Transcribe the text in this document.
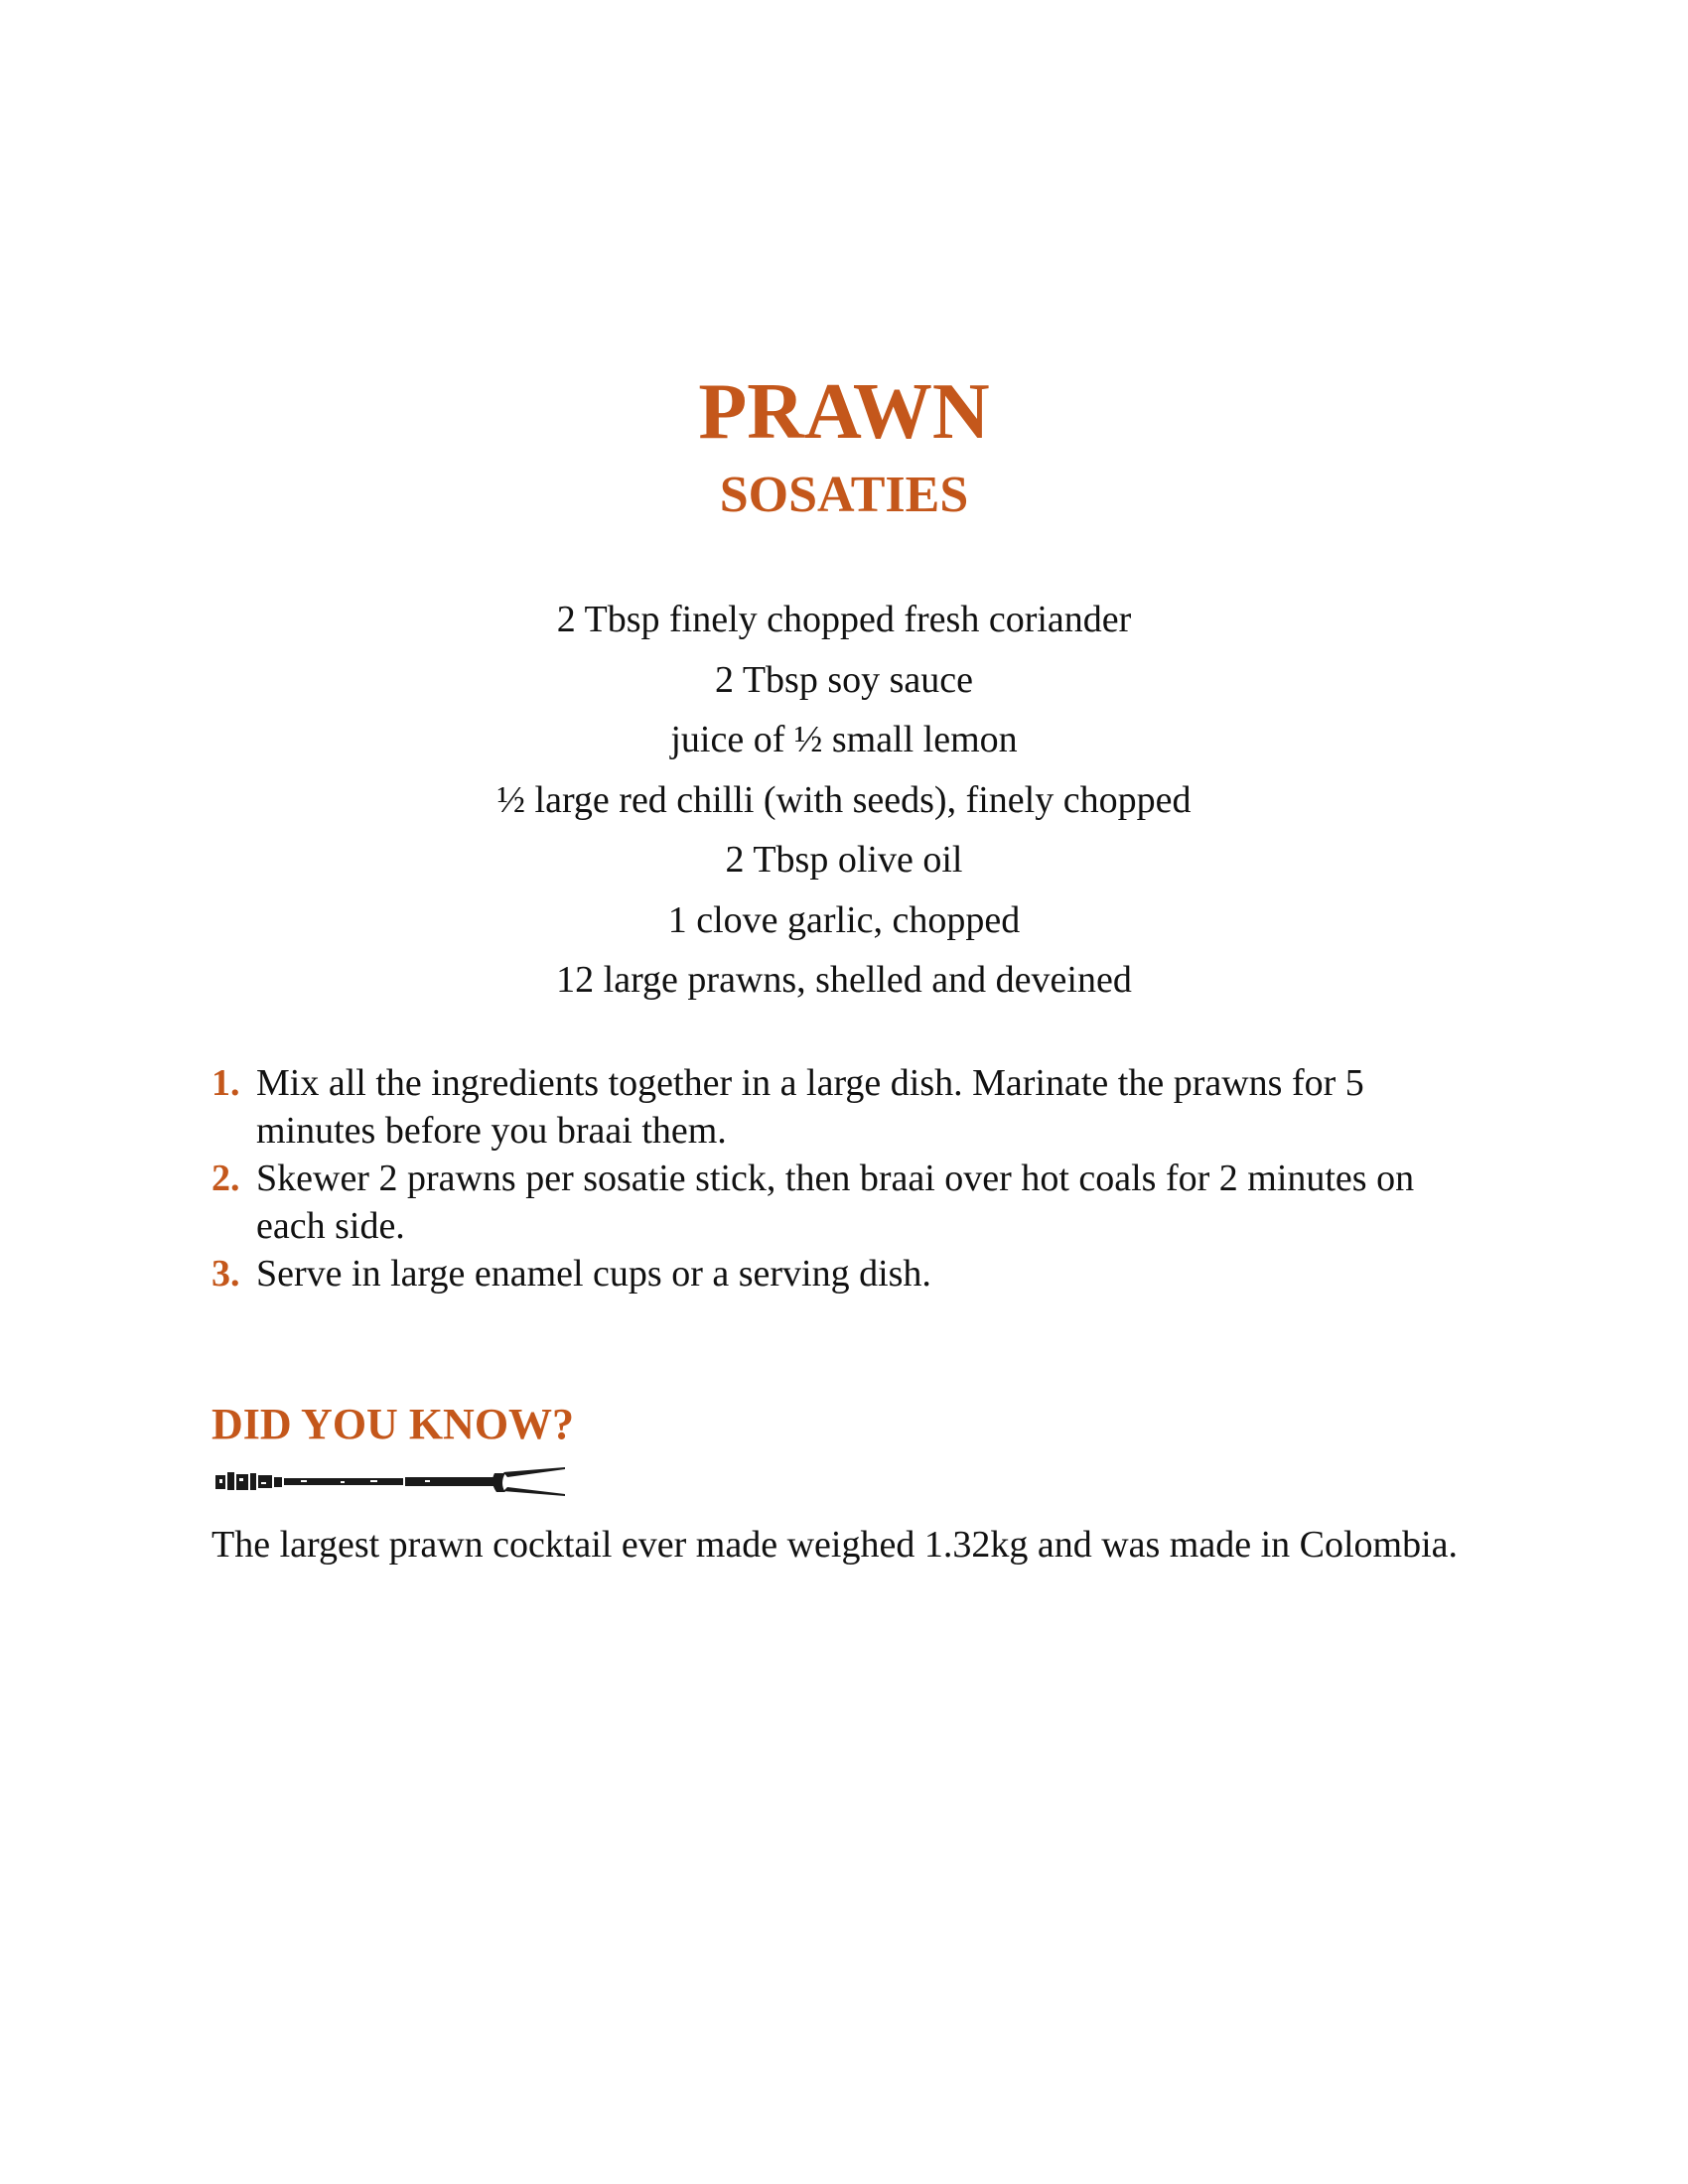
PRAWN
SOSATIES
2 Tbsp finely chopped fresh coriander
2 Tbsp soy sauce
juice of ½ small lemon
½ large red chilli (with seeds), finely chopped
2 Tbsp olive oil
1 clove garlic, chopped
12 large prawns, shelled and deveined
1. Mix all the ingredients together in a large dish. Marinate the prawns for 5 minutes before you braai them.
2. Skewer 2 prawns per sosatie stick, then braai over hot coals for 2 minutes on each side.
3. Serve in large enamel cups or a serving dish.
DID YOU KNOW?

The largest prawn cocktail ever made weighed 1.32kg and was made in Colombia.
